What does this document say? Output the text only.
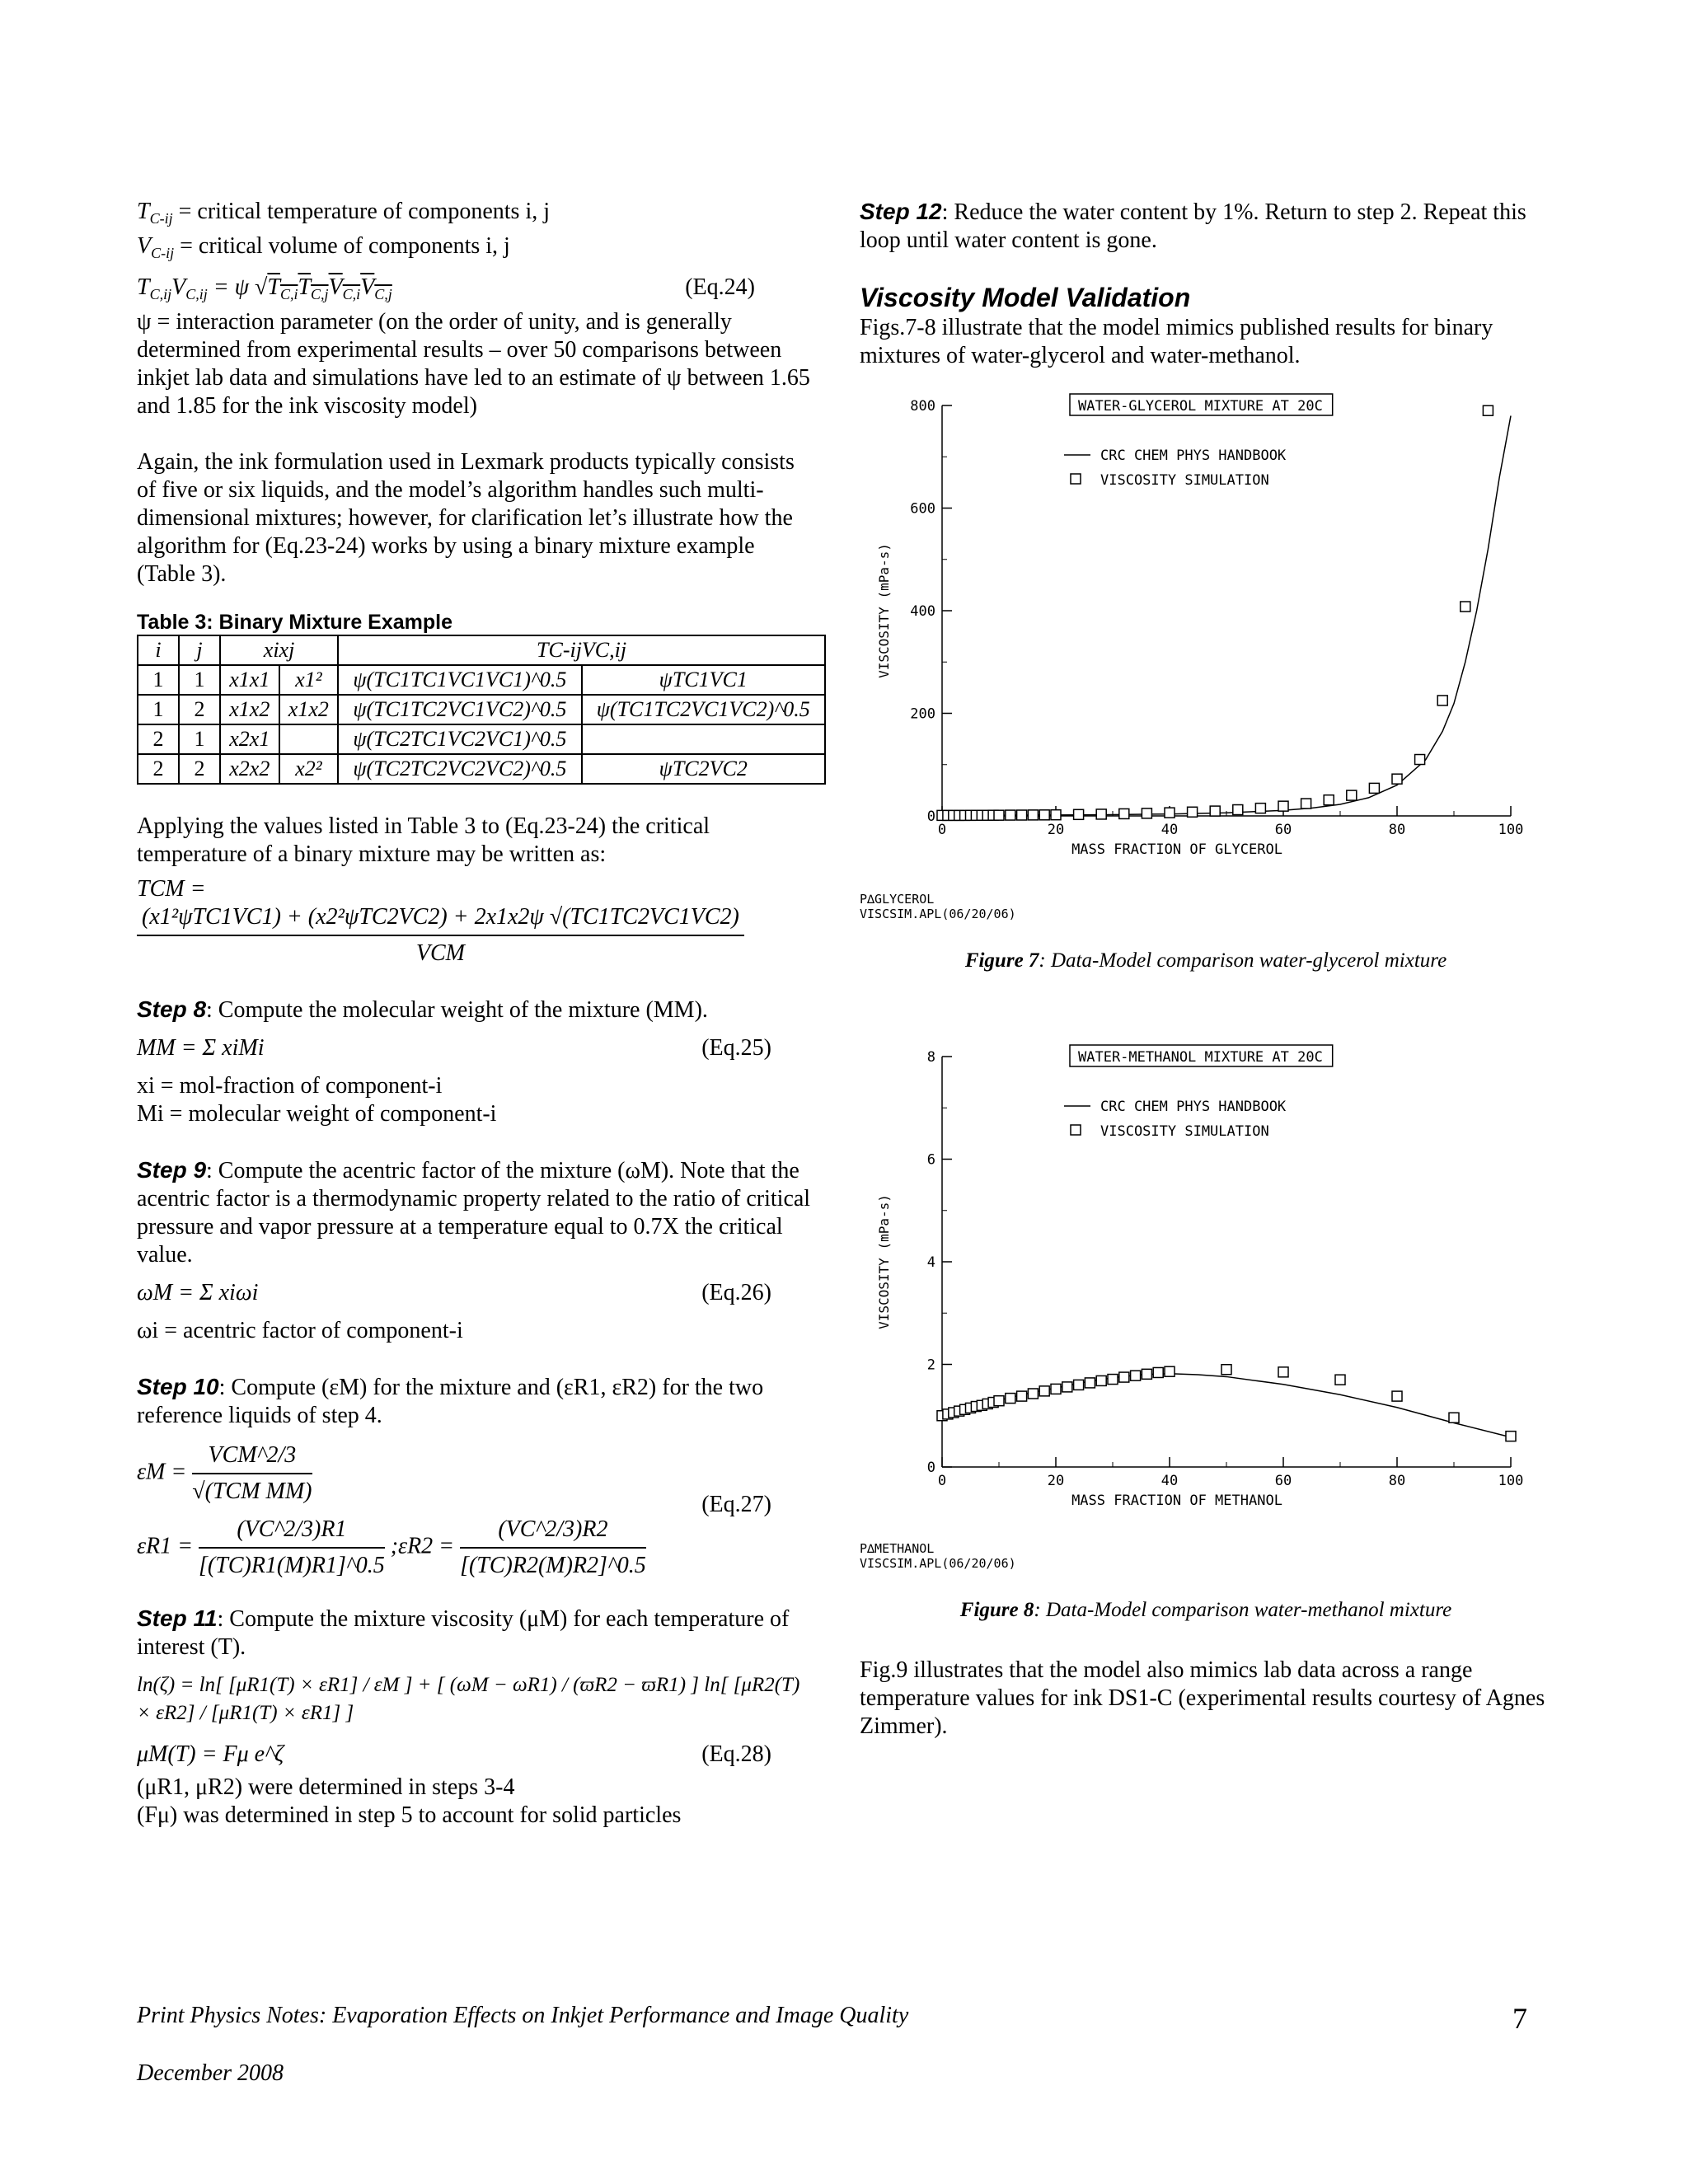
$T_{C-ij}$ = critical temperature of components i, j

$V_{C-ij}$ = critical volume of components i, j

$T_{C,ij}V_{C,ij} = \psi$ $√T_{C,i}T_{C,j}V_{C,i}V_{C,j}$	(Eq.24)

ψ = interaction parameter (on the order of unity, and is generally determined from experimental results – over 50 comparisons between inkjet lab data and simulations have led to an estimate of ψ between 1.65 and 1.85 for the ink viscosity model)

Again, the ink formulation used in Lexmark products typically consists of five or six liquids, and the model’s algorithm handles such multi-dimensional mixtures; however, for clarification let’s illustrate how the algorithm for (Eq.23-24) works by using a binary mixture example (Table 3).

Table 3: Binary Mixture Example
i	j	xixj		TC-ijVC,ij	
1	1	x1x1	x1²	ψ(TC1TC1VC1VC1)^0.5	ψTC1VC1
1	2	x1x2	x1x2	ψ(TC1TC2VC1VC2)^0.5	ψ(TC1TC2VC1VC2)^0.5
2	1	x2x1		ψ(TC2TC1VC2VC1)^0.5	
2	2	x2x2	x2²	ψ(TC2TC2VC2VC2)^0.5	ψTC2VC2

Applying the values listed in Table 3 to (Eq.23-24) the critical temperature of a binary mixture may be written as:

TCM =
$\frac{\text{(x1²ψTC1VC1) + (x2²ψTC2VC2) + 2x1x2ψ √(TC1TC2VC1VC2)}}{\text{VCM}}$

Step 8: Compute the molecular weight of the mixture (MM).

MM = Σ xiMi	(Eq.25)

xi = mol-fraction of component-i

Mi = molecular weight of component-i

Step 9: Compute the acentric factor of the mixture (ωM). Note that the acentric factor is a thermodynamic property related to the ratio of critical pressure and vapor pressure at a temperature equal to 0.7X the critical value.

ωM = Σ xiωi	(Eq.26)

ωi = acentric factor of component-i

Step 10: Compute (εM) for the mixture and (εR1, εR2) for the two reference liquids of step 4.

$\varepsilon M = \frac{\text{VCM\textasciicircum{}2/3}}{\text{√(TCM MM)}}$
$\varepsilon R1 = \frac{(VC\^{}2/3)R1}{[(TC)R1(M)R1]\^{}0.5}$ ;εR2 = $\frac{(VC\^{}2/3)R2}{[(TC)R2(M)R2]\^{}0.5}$
(Eq.27)

Step 11: Compute the mixture viscosity (μM) for each temperature of interest (T).

ln(ζ) = ln[ [μR1(T) × εR1] / εM ] + [ (ωM − ωR1) / (ϖR2 − ϖR1) ] ln[ [μR2(T) × εR2] / [μR1(T) × εR1] ]
μM(T) = Fμ e^ζ	(Eq.28)

(μR1, μR2) were determined in steps 3-4

(Fμ) was determined in step 5 to account for solid particles

Step 12: Reduce the water content by 1%. Return to step 2. Repeat this loop until water content is gone.

Viscosity Model Validation

Figs.7-8 illustrate that the model mimics published results for binary mixtures of water-glycerol and water-methanol.

0
200
400
600
800
0	20	40	60	80	100
MASS FRACTION OF GLYCEROL
VISCOSITY (mPa-s)
WATER-GLYCEROL MIXTURE AT 20C
CRC CHEM PHYS HANDBOOK
VISCOSITY SIMULATION
P∆GLYCEROL
VISCSIM.APL(06/20/06)
Figure 7: Data-Model comparison water-glycerol mixture
0
2
4
6
8
0	20	40	60	80	100
MASS FRACTION OF METHANOL
VISCOSITY (mPa-s)
WATER-METHANOL MIXTURE AT 20C
CRC CHEM PHYS HANDBOOK
VISCOSITY SIMULATION
P∆METHANOL
VISCSIM.APL(06/20/06)
Figure 8: Data-Model comparison water-methanol mixture

Fig.9 illustrates that the model also mimics lab data across a range temperature values for ink DS1-C (experimental results courtesy of Agnes Zimmer).

Print Physics Notes: Evaporation Effects on Inkjet Performance and Image Quality	7
December 2008
